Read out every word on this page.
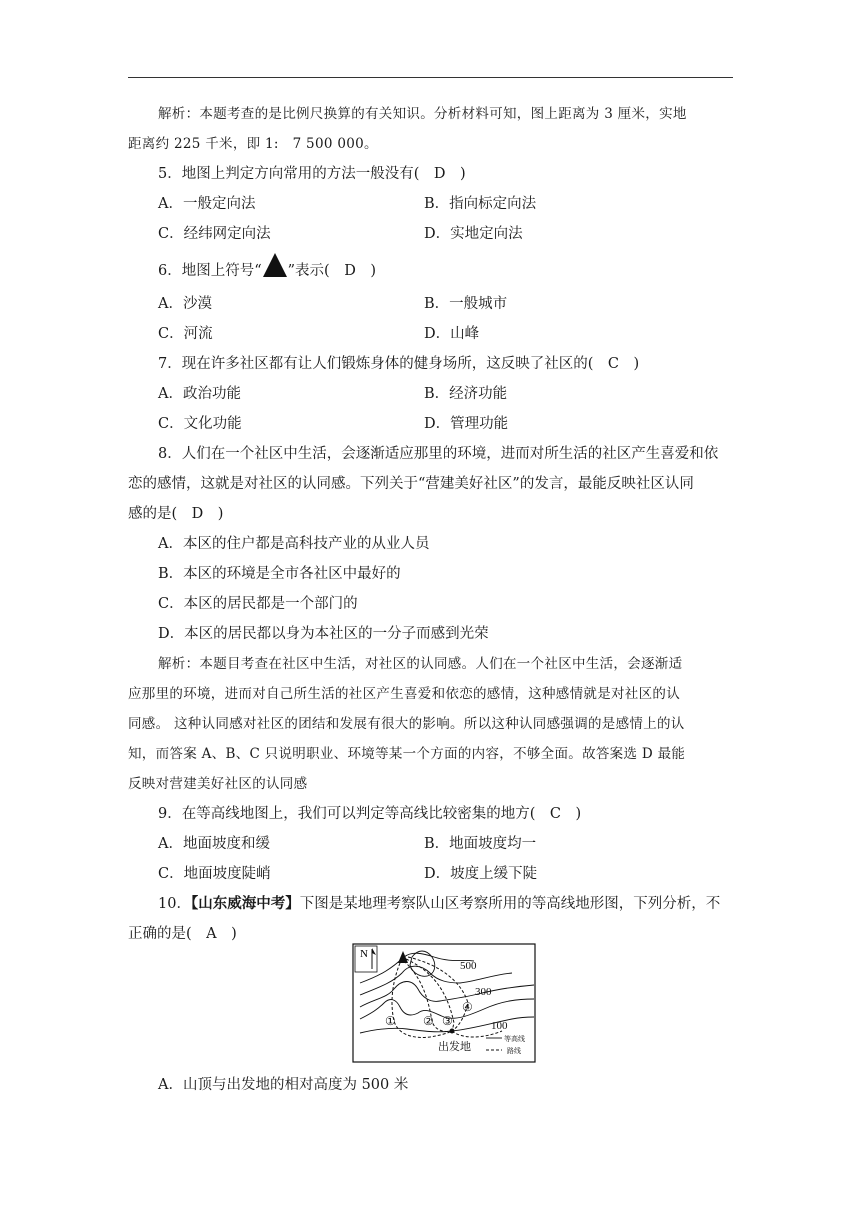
解析：本题考查的是比例尺换算的有关知识。分析材料可知，图上距离为 3 厘米，实地
距离约 225 千米，即 1:　7 500 000。
5．地图上判定方向常用的方法一般没有(　D　)
A．一般定向法	B．指向标定向法
C．经纬网定向法	D．实地定向法
6．地图上符号“ ”表示(　D　)
A．沙漠	B．一般城市
C．河流	D．山峰
7．现在许多社区都有让人们锻炼身体的健身场所，这反映了社区的(　C　)
A．政治功能	B．经济功能
C．文化功能	D．管理功能
8．人们在一个社区中生活，会逐渐适应那里的环境，进而对所生活的社区产生喜爱和依
恋的感情，这就是对社区的认同感。下列关于“营建美好社区”的发言，最能反映社区认同
感的是(　D　)
A．本区的住户都是高科技产业的从业人员
B．本区的环境是全市各社区中最好的
C．本区的居民都是一个部门的
D．本区的居民都以身为本社区的一分子而感到光荣
解析：本题目考查在社区中生活，对社区的认同感。人们在一个社区中生活，会逐渐适
应那里的环境，进而对自己所生活的社区产生喜爱和依恋的感情，这种感情就是对社区的认
同感。 这种认同感对社区的团结和发展有很大的影响。所以这种认同感强调的是感情上的认
知，而答案 A、B、C 只说明职业、环境等某一个方面的内容，不够全面。故答案选 D 最能
反映对营建美好社区的认同感
9．在等高线地图上，我们可以判定等高线比较密集的地方(　C　)
A．地面坡度和缓	B．地面坡度均一
C．地面坡度陡峭	D．坡度上缓下陡
10．【山东威海中考】下图是某地理考察队山区考察所用的等高线地形图，下列分析，不
正确的是(　A　)
N
500
300
100
① ② ③
④
出发地
等高线
路线
A．山顶与出发地的相对高度为 500 米
